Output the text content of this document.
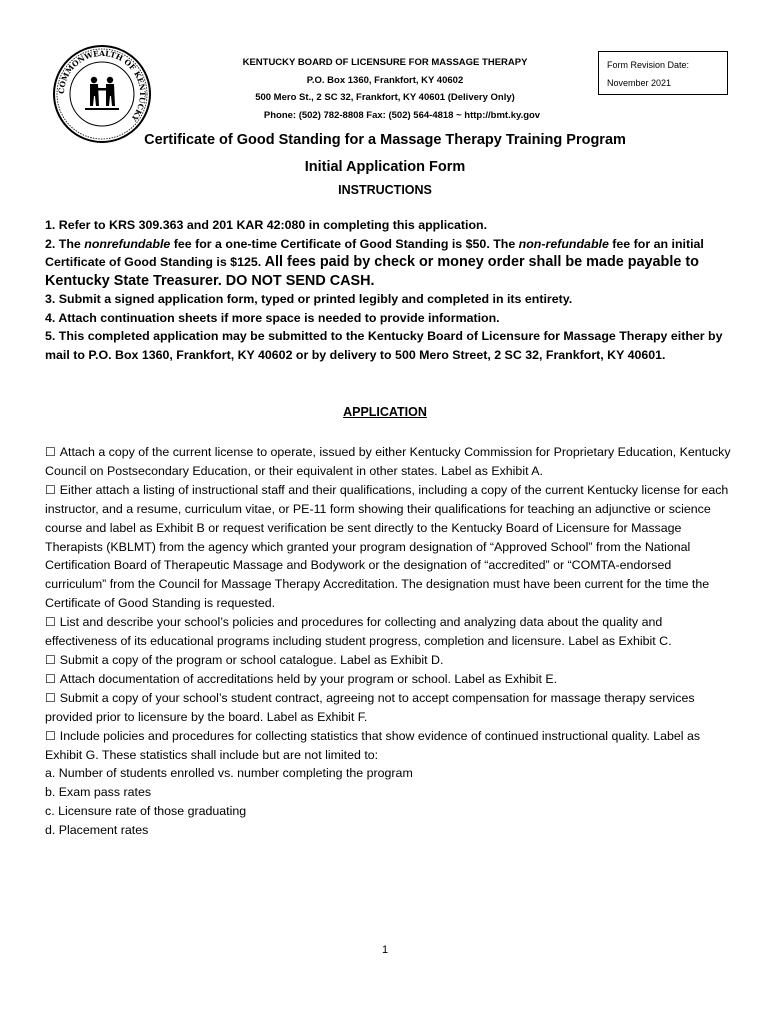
COMMONWEALTH OF KENTUCKY
KENTUCKY BOARD OF LICENSURE FOR MASSAGE THERAPY
P.O. Box 1360, Frankfort, KY 40602
500 Mero St., 2 SC 32, Frankfort, KY 40601 (Delivery Only)
Phone: (502) 782-8808 Fax: (502) 564-4818 ~ http://bmt.ky.gov
Form Revision Date:
November 2021
Certificate of Good Standing for a Massage Therapy Training Program
Initial Application Form
INSTRUCTIONS

1. Refer to KRS 309.363 and 201 KAR 42:080 in completing this application.

2. The nonrefundable fee for a one-time Certificate of Good Standing is $50. The non-refundable fee for an initial Certificate of Good Standing is $125. All fees paid by check or money order shall be made payable to Kentucky State Treasurer. DO NOT SEND CASH.

3. Submit a signed application form, typed or printed legibly and completed in its entirety.

4. Attach continuation sheets if more space is needed to provide information.

5. This completed application may be submitted to the Kentucky Board of Licensure for Massage Therapy either by mail to P.O. Box 1360, Frankfort, KY 40602 or by delivery to 500 Mero Street, 2 SC 32, Frankfort, KY 40601.

APPLICATION

☐ Attach a copy of the current license to operate, issued by either Kentucky Commission for Proprietary Education, Kentucky Council on Postsecondary Education, or their equivalent in other states. Label as Exhibit A.

☐ Either attach a listing of instructional staff and their qualifications, including a copy of the current Kentucky license for each instructor, and a resume, curriculum vitae, or PE-11 form showing their qualifications for teaching an adjunctive or science course and label as Exhibit B or request verification be sent directly to the Kentucky Board of Licensure for Massage Therapists (KBLMT) from the agency which granted your program designation of “Approved School” from the National Certification Board of Therapeutic Massage and Bodywork or the designation of “accredited” or “COMTA-endorsed curriculum” from the Council for Massage Therapy Accreditation. The designation must have been current for the time the Certificate of Good Standing is requested.

☐ List and describe your school’s policies and procedures for collecting and analyzing data about the quality and effectiveness of its educational programs including student progress, completion and licensure. Label as Exhibit C.

☐ Submit a copy of the program or school catalogue. Label as Exhibit D.

☐ Attach documentation of accreditations held by your program or school. Label as Exhibit E.

☐ Submit a copy of your school’s student contract, agreeing not to accept compensation for massage therapy services provided prior to licensure by the board. Label as Exhibit F.

☐ Include policies and procedures for collecting statistics that show evidence of continued instructional quality. Label as Exhibit G. These statistics shall include but are not limited to:

a. Number of students enrolled vs. number completing the program

b. Exam pass rates

c. Licensure rate of those graduating

d. Placement rates

1
